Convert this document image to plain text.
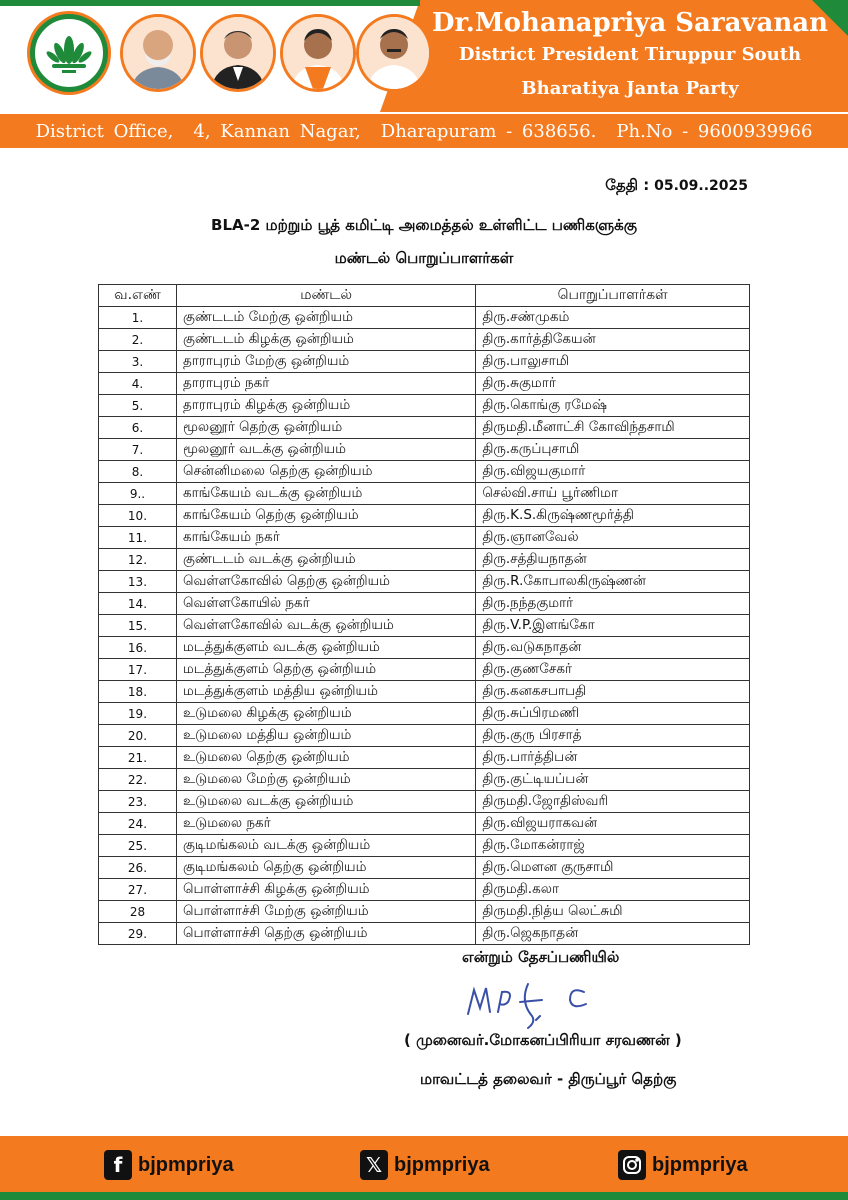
Dr.Mohanapriya Saravanan
District President Tiruppur South
Bharatiya Janta Party
District Office, 4, Kannan Nagar, Dharapuram - 638656. Ph.No - 9600939966
தேதி : 05.09..2025
BLA-2 மற்றும் பூத் கமிட்டி அமைத்தல் உள்ளிட்ட பணிகளுக்கு
மண்டல் பொறுப்பாளர்கள்
வ.எண்	மண்டல்	பொறுப்பாளர்கள்
1.	குண்டடம் மேற்கு ஒன்றியம்	திரு.சண்முகம்
2.	குண்டடம் கிழக்கு ஒன்றியம்	திரு.கார்த்திகேயன்
3.	தாராபுரம் மேற்கு ஒன்றியம்	திரு.பாலுசாமி
4.	தாராபுரம் நகர்	திரு.சுகுமார்
5.	தாராபுரம் கிழக்கு ஒன்றியம்	திரு.கொங்கு ரமேஷ்
6.	மூலனூர் தெற்கு ஒன்றியம்	திருமதி.மீனாட்சி கோவிந்தசாமி
7.	மூலனூர் வடக்கு ஒன்றியம்	திரு.கருப்புசாமி
8.	சென்னிமலை தெற்கு ஒன்றியம்	திரு.விஜயகுமார்
9..	காங்கேயம் வடக்கு ஒன்றியம்	செல்வி.சாய் பூர்ணிமா
10.	காங்கேயம் தெற்கு ஒன்றியம்	திரு.K.S.கிருஷ்ணமூர்த்தி
11.	காங்கேயம் நகர்	திரு.ஞானவேல்
12.	குண்டடம் வடக்கு ஒன்றியம்	திரு.சத்தியநாதன்
13.	வெள்ளகோவில் தெற்கு ஒன்றியம்	திரு.R.கோபாலகிருஷ்ணன்
14.	வெள்ளகோயில் நகர்	திரு.நந்தகுமார்
15.	வெள்ளகோவில் வடக்கு ஒன்றியம்	திரு.V.P.இளங்கோ
16.	மடத்துக்குளம் வடக்கு ஒன்றியம்	திரு.வடுகநாதன்
17.	மடத்துக்குளம் தெற்கு ஒன்றியம்	திரு.குணசேகர்
18.	மடத்துக்குளம் மத்திய ஒன்றியம்	திரு.கனகசபாபதி
19.	உடுமலை கிழக்கு ஒன்றியம்	திரு.சுப்பிரமணி
20.	உடுமலை மத்திய ஒன்றியம்	திரு.குரு பிரசாத்
21.	உடுமலை தெற்கு ஒன்றியம்	திரு.பார்த்திபன்
22.	உடுமலை மேற்கு ஒன்றியம்	திரு.குட்டியப்பன்
23.	உடுமலை வடக்கு ஒன்றியம்	திருமதி.ஜோதிஸ்வரி
24.	உடுமலை நகர்	திரு.விஜயராகவன்
25.	குடிமங்கலம் வடக்கு ஒன்றியம்	திரு.மோகன்ராஜ்
26.	குடிமங்கலம் தெற்கு ஒன்றியம்	திரு.மௌன குருசாமி
27.	பொள்ளாச்சி கிழக்கு ஒன்றியம்	திருமதி.கலா
28	பொள்ளாச்சி மேற்கு ஒன்றியம்	திருமதி.நித்ய லெட்சுமி
29.	பொள்ளாச்சி தெற்கு ஒன்றியம்	திரு.ஜெகநாதன்
என்றும் தேசப்பணியில்
( முனைவர்.மோகனப்பிரியா சரவணன் )
மாவட்டத் தலைவர் - திருப்பூர் தெற்கு
f bjpmpriya	𝕏 bjpmpriya	bjpmpriya
